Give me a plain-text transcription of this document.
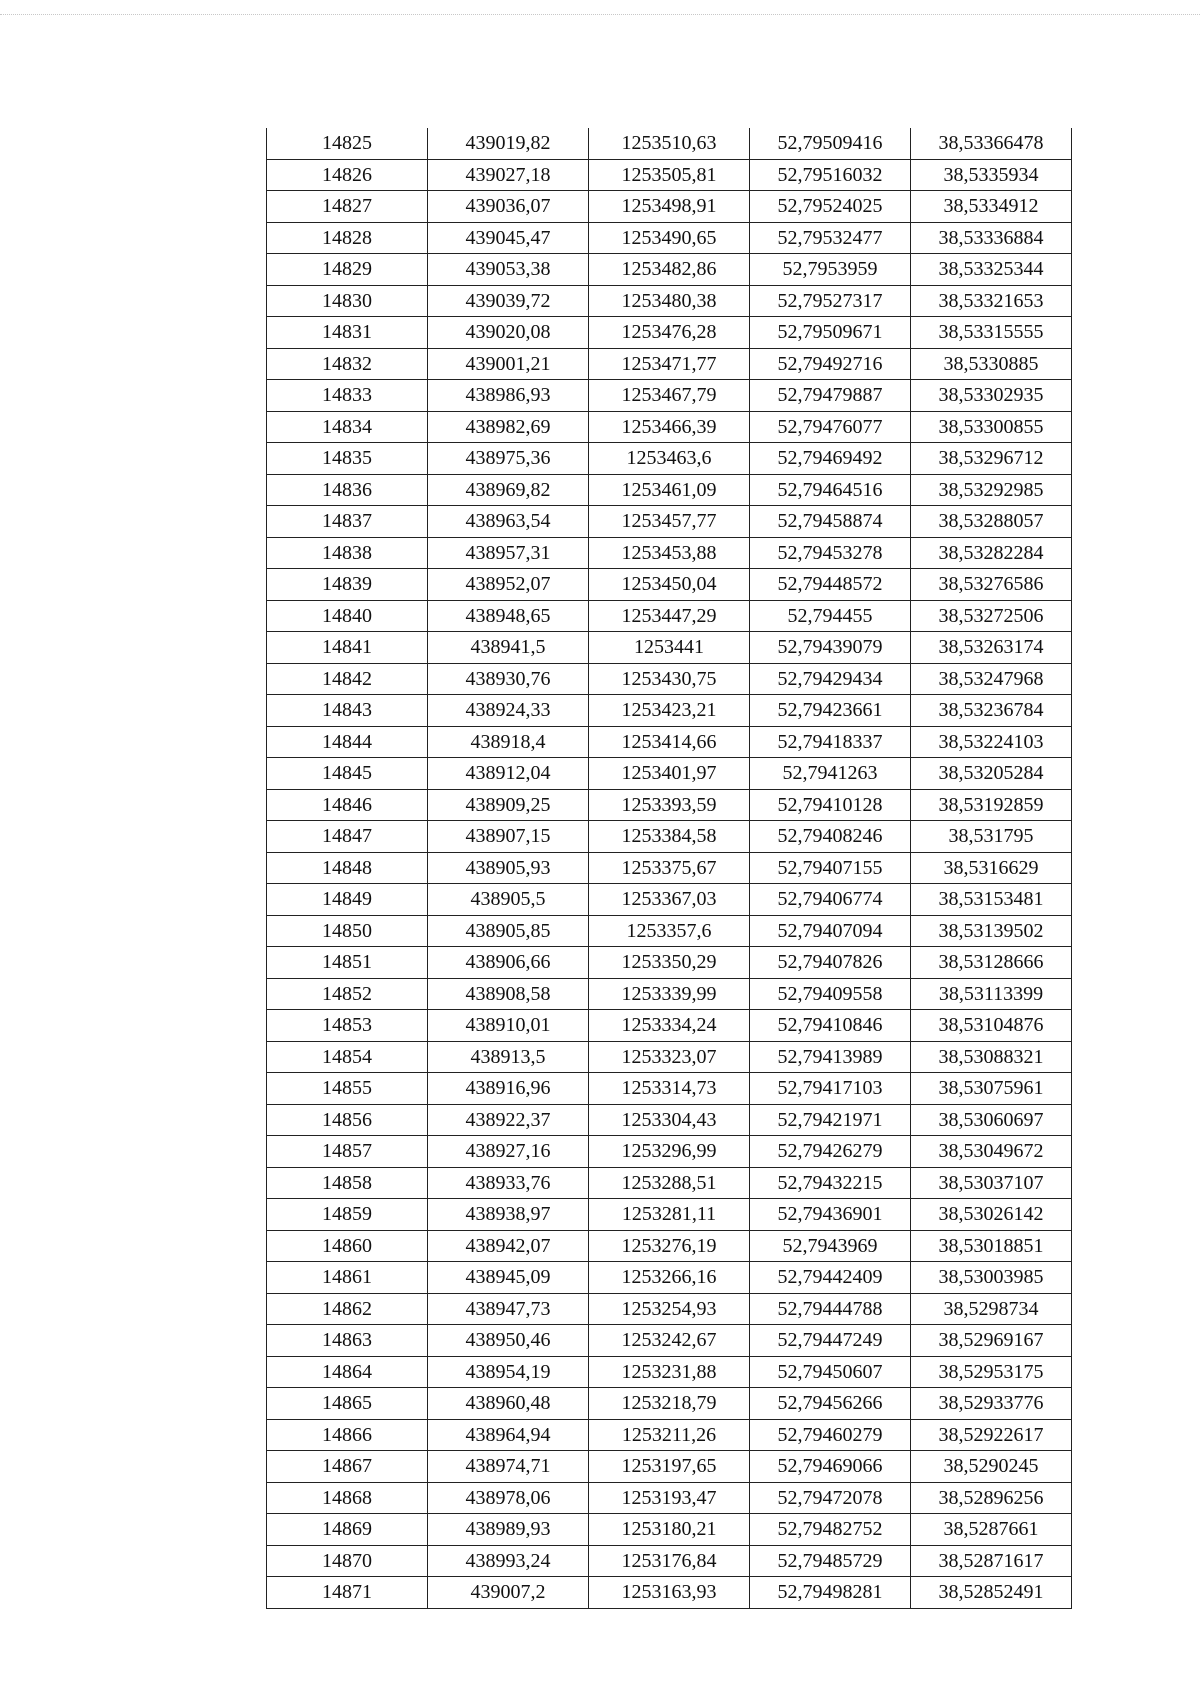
14825	439019,82	1253510,63	52,79509416	38,53366478
14826	439027,18	1253505,81	52,79516032	38,5335934
14827	439036,07	1253498,91	52,79524025	38,5334912
14828	439045,47	1253490,65	52,79532477	38,53336884
14829	439053,38	1253482,86	52,7953959	38,53325344
14830	439039,72	1253480,38	52,79527317	38,53321653
14831	439020,08	1253476,28	52,79509671	38,53315555
14832	439001,21	1253471,77	52,79492716	38,5330885
14833	438986,93	1253467,79	52,79479887	38,53302935
14834	438982,69	1253466,39	52,79476077	38,53300855
14835	438975,36	1253463,6	52,79469492	38,53296712
14836	438969,82	1253461,09	52,79464516	38,53292985
14837	438963,54	1253457,77	52,79458874	38,53288057
14838	438957,31	1253453,88	52,79453278	38,53282284
14839	438952,07	1253450,04	52,79448572	38,53276586
14840	438948,65	1253447,29	52,794455	38,53272506
14841	438941,5	1253441	52,79439079	38,53263174
14842	438930,76	1253430,75	52,79429434	38,53247968
14843	438924,33	1253423,21	52,79423661	38,53236784
14844	438918,4	1253414,66	52,79418337	38,53224103
14845	438912,04	1253401,97	52,7941263	38,53205284
14846	438909,25	1253393,59	52,79410128	38,53192859
14847	438907,15	1253384,58	52,79408246	38,531795
14848	438905,93	1253375,67	52,79407155	38,5316629
14849	438905,5	1253367,03	52,79406774	38,53153481
14850	438905,85	1253357,6	52,79407094	38,53139502
14851	438906,66	1253350,29	52,79407826	38,53128666
14852	438908,58	1253339,99	52,79409558	38,53113399
14853	438910,01	1253334,24	52,79410846	38,53104876
14854	438913,5	1253323,07	52,79413989	38,53088321
14855	438916,96	1253314,73	52,79417103	38,53075961
14856	438922,37	1253304,43	52,79421971	38,53060697
14857	438927,16	1253296,99	52,79426279	38,53049672
14858	438933,76	1253288,51	52,79432215	38,53037107
14859	438938,97	1253281,11	52,79436901	38,53026142
14860	438942,07	1253276,19	52,7943969	38,53018851
14861	438945,09	1253266,16	52,79442409	38,53003985
14862	438947,73	1253254,93	52,79444788	38,5298734
14863	438950,46	1253242,67	52,79447249	38,52969167
14864	438954,19	1253231,88	52,79450607	38,52953175
14865	438960,48	1253218,79	52,79456266	38,52933776
14866	438964,94	1253211,26	52,79460279	38,52922617
14867	438974,71	1253197,65	52,79469066	38,5290245
14868	438978,06	1253193,47	52,79472078	38,52896256
14869	438989,93	1253180,21	52,79482752	38,5287661
14870	438993,24	1253176,84	52,79485729	38,52871617
14871	439007,2	1253163,93	52,79498281	38,52852491
